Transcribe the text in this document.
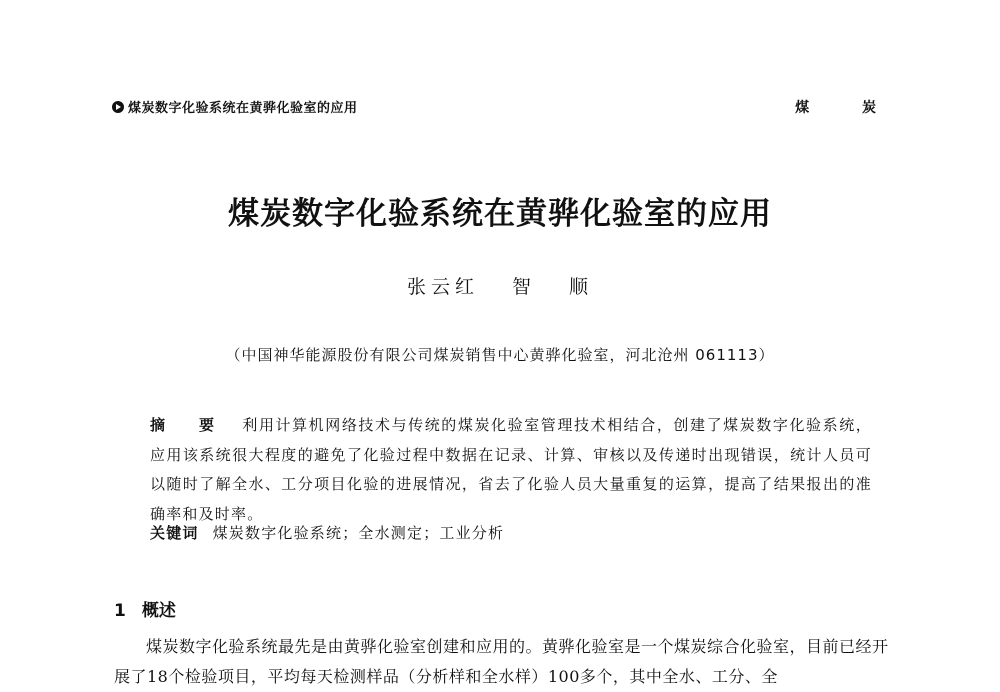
煤炭数字化验系统在黄骅化验室的应用	煤 炭
煤炭数字化验系统在黄骅化验室的应用
张云红 智 顺
（中国神华能源股份有限公司煤炭销售中心黄骅化验室，河北沧州 061113）
摘 要 利用计算机网络技术与传统的煤炭化验室管理技术相结合，创建了煤炭数字化验系统，应用该系统很大程度的避免了化验过程中数据在记录、计算、审核以及传递时出现错误，统计人员可以随时了解全水、工分项目化验的进展情况，省去了化验人员大量重复的运算，提高了结果报出的准确率和及时率。
关键词 煤炭数字化验系统；全水测定；工业分析
1 概述
煤炭数字化验系统最先是由黄骅化验室创建和应用的。黄骅化验室是一个煤炭综合化验室，目前已经开展了18个检验项目，平均每天检测样品（分析样和全水样）100多个，其中全水、工分、全
